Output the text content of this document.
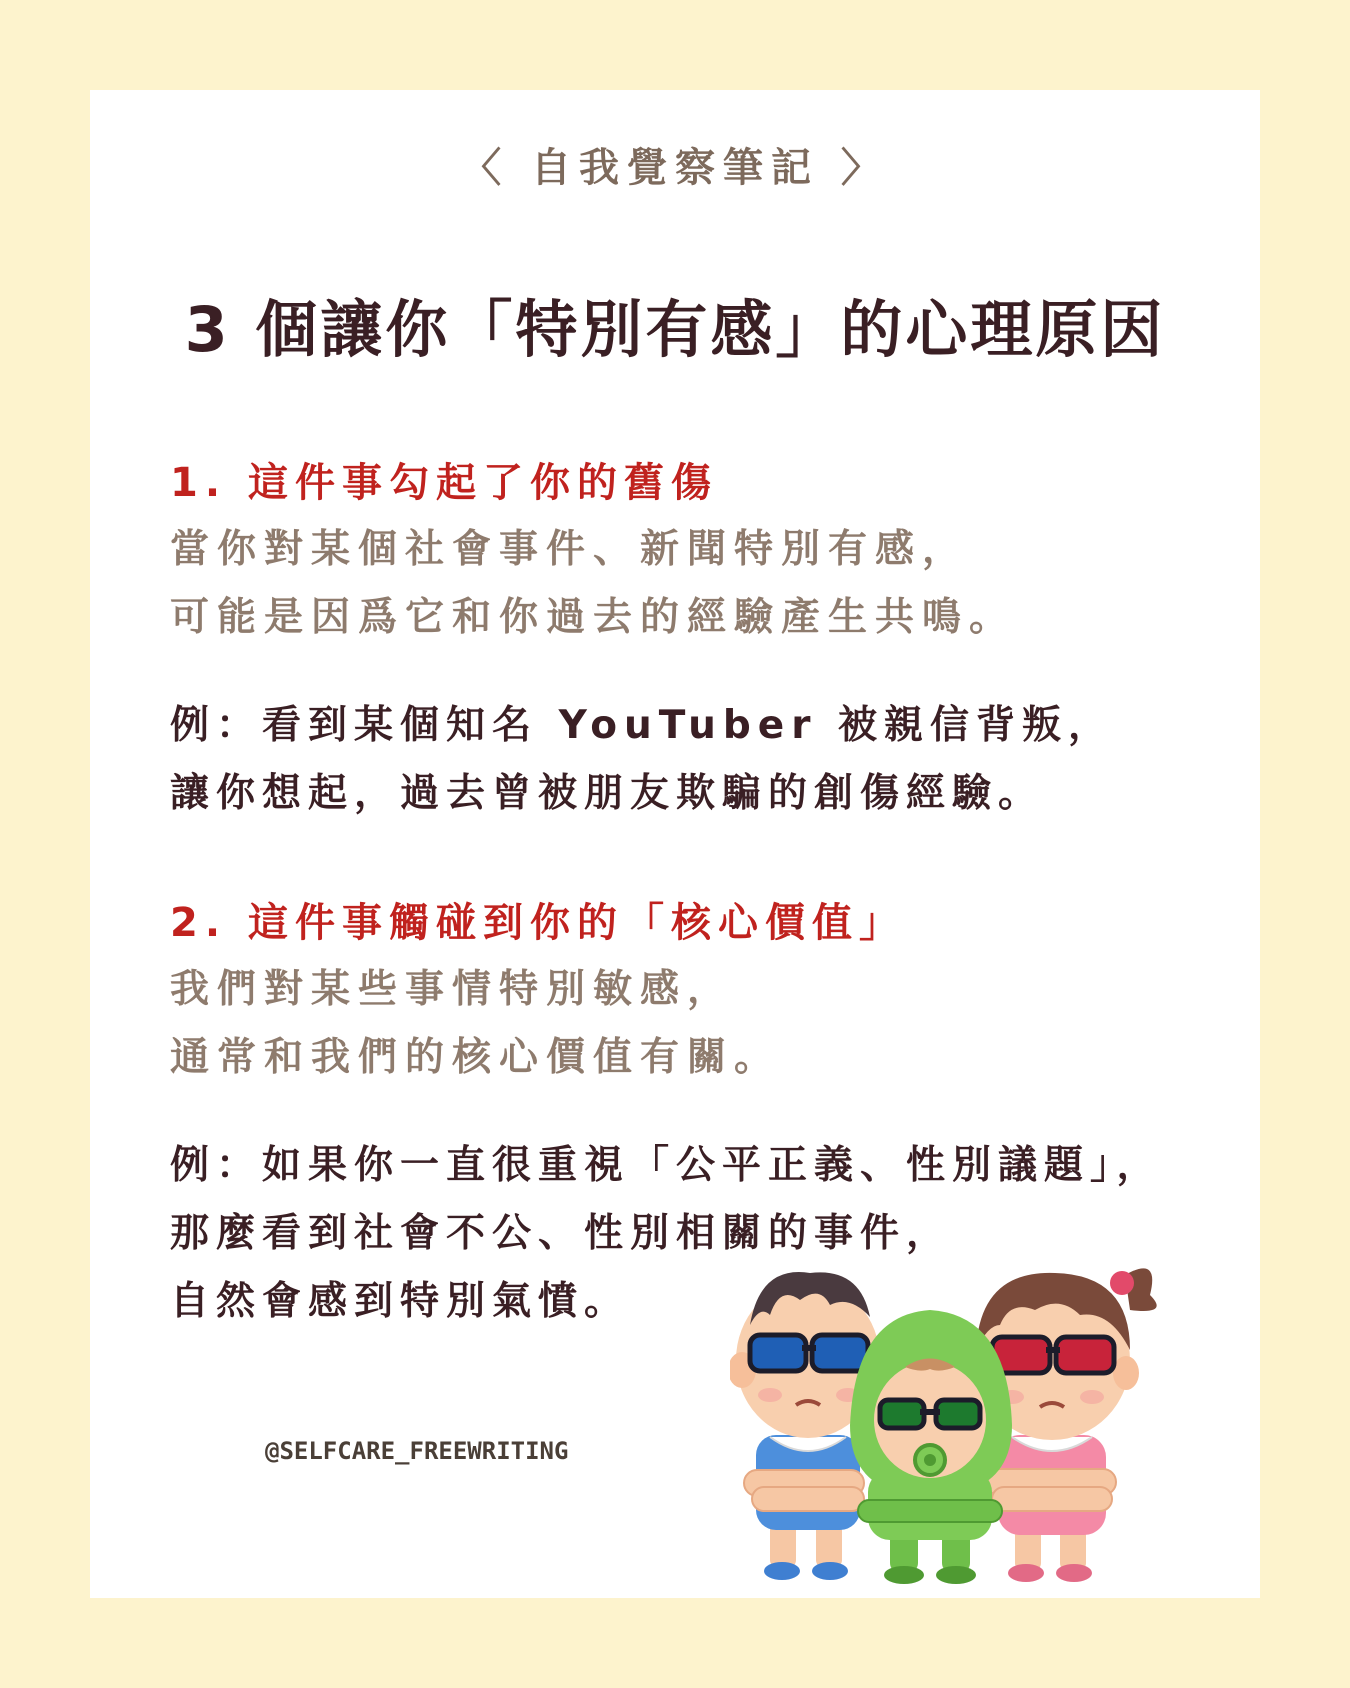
〈 自我覺察筆記 〉
3 個讓你「特別有感」的心理原因
1. 這件事勾起了你的舊傷
當你對某個社會事件、新聞特別有感，
可能是因爲它和你過去的經驗產生共鳴。
例：看到某個知名 YouTuber 被親信背叛，
讓你想起，過去曾被朋友欺騙的創傷經驗。
2. 這件事觸碰到你的「核心價值」
我們對某些事情特別敏感，
通常和我們的核心價值有關。
例：如果你一直很重視「公平正義、性別議題」，
那麼看到社會不公、性別相關的事件，
自然會感到特別氣憤。
@SELFCARE_FREEWRITING
